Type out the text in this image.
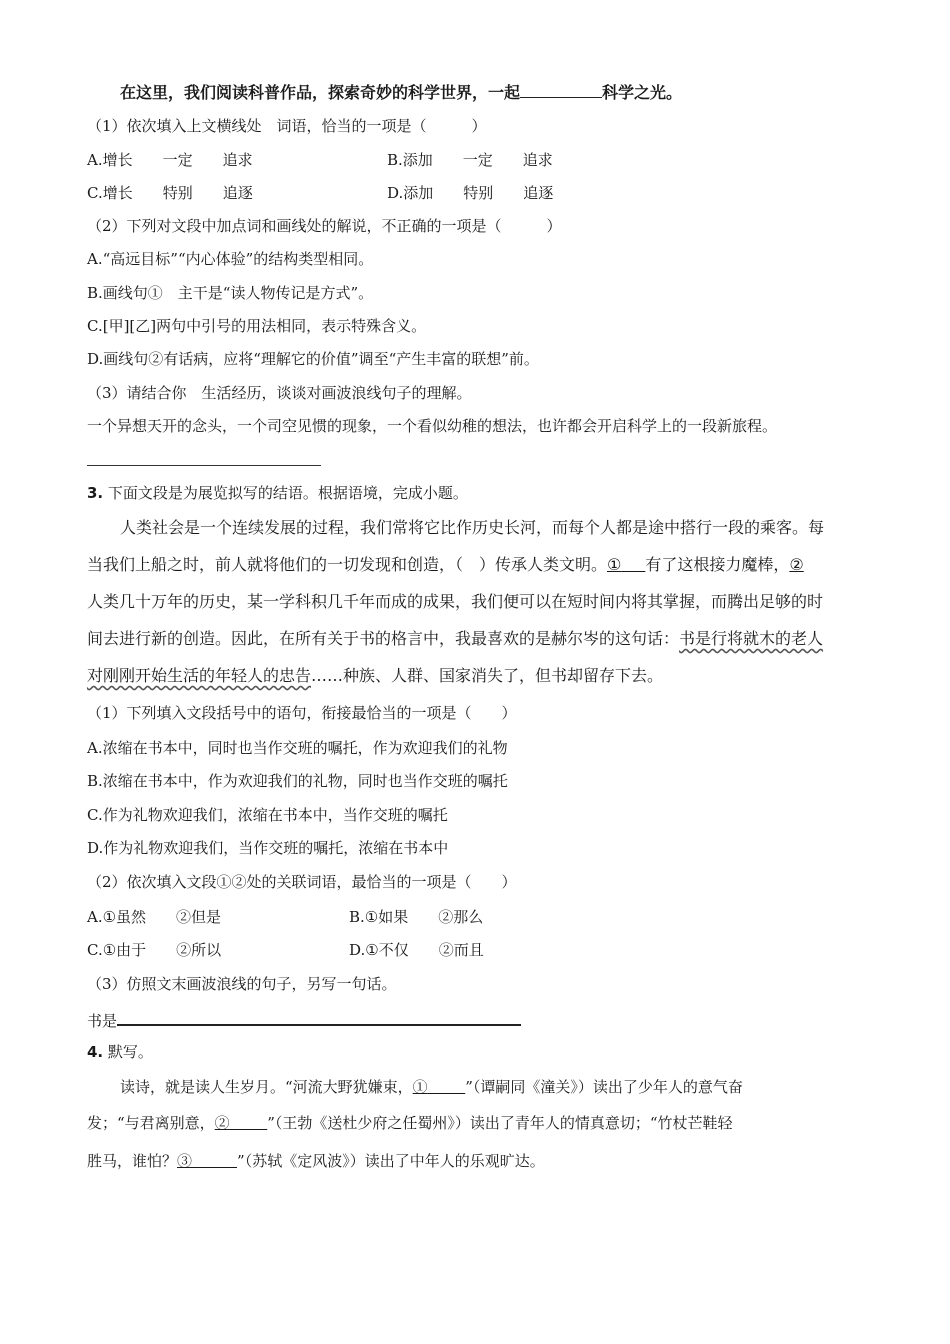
在这里，我们阅读科普作品，探索奇妙的科学世界，一起	科学之光。
（1）依次填入上文横线处　词语，恰当的一项是（　　　）
A.增长　　一定　　追求	B.添加　　一定　　追求
C.增长　　特别　　追逐	D.添加　　特别　　追逐
（2）下列对文段中加点词和画线处的解说，不正确的一项是（　　　）
A.“高远目标”“内心体验”的结构类型相同。
B.画线句①　主干是“读人物传记是方式”。
C.[甲][乙]两句中引号的用法相同，表示特殊含义。
D.画线句②有话病，应将“理解它的价值”调至“产生丰富的联想”前。
（3）请结合你　生活经历，谈谈对画波浪线句子的理解。
一个异想天开的念头，一个司空见惯的现象，一个看似幼稚的想法，也许都会开启科学上的一段新旅程。
3. 下面文段是为展览拟写的结语。根据语境，完成小题。
人类社会是一个连续发展的过程，我们常将它比作历史长河，而每个人都是途中搭行一段的乘客。每
当我们上船之时，前人就将他们的一切发现和创造，（　）传承人类文明。①   有了这根接力魔棒，②
人类几十万年的历史，某一学科积几千年而成的成果，我们便可以在短时间内将其掌握，而腾出足够的时
间去进行新的创造。因此，在所有关于书的格言中，我最喜欢的是赫尔岑的这句话：书是行将就木的老人
对刚刚开始生活的年轻人的忠告……种族、人群、国家消失了，但书却留存下去。
（1）下列填入文段括号中的语句，衔接最恰当的一项是（　　）
A.浓缩在书本中，同时也当作交班的嘱托，作为欢迎我们的礼物
B.浓缩在书本中，作为欢迎我们的礼物，同时也当作交班的嘱托
C.作为礼物欢迎我们，浓缩在书本中，当作交班的嘱托
D.作为礼物欢迎我们，当作交班的嘱托，浓缩在书本中
（2）依次填入文段①②处的关联词语，最恰当的一项是（　　）
A.①虽然　　②但是	B.①如果　　②那么
C.①由于　　②所以	D.①不仅　　②而且
（3）仿照文末画波浪线的句子，另写一句话。
书是
4. 默写。
读诗，就是读人生岁月。“河流大野犹嫌束，①   	”（谭嗣同《潼关》）读出了少年人的意气奋
发；“与君离别意，②   	”（王勃《送杜少府之任蜀州》）读出了青年人的情真意切；“竹杖芒鞋轻
胜马，谁怕？③   	”（苏轼《定风波》）读出了中年人的乐观旷达。
